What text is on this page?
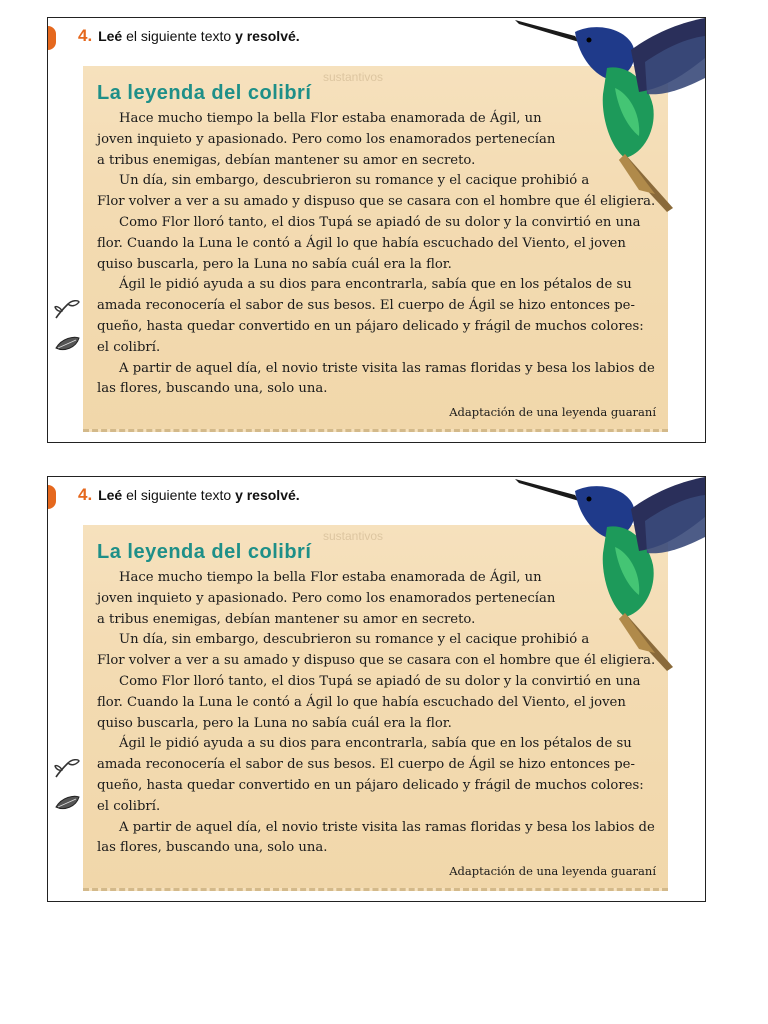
4. Leé el siguiente texto y resolvé.
sustantivos
La leyenda del colibrí
Hace mucho tiempo la bella Flor estaba enamorada de Ágil, un
joven inquieto y apasionado. Pero como los enamorados pertenecían
a tribus enemigas, debían mantener su amor en secreto.
Un día, sin embargo, descubrieron su romance y el cacique prohibió a
Flor volver a ver a su amado y dispuso que se casara con el hombre que él eligiera.
Como Flor lloró tanto, el dios Tupá se apiadó de su dolor y la convirtió en una
flor. Cuando la Luna le contó a Ágil lo que había escuchado del Viento, el joven
quiso buscarla, pero la Luna no sabía cuál era la flor.
Ágil le pidió ayuda a su dios para encontrarla, sabía que en los pétalos de su
amada reconocería el sabor de sus besos. El cuerpo de Ágil se hizo entonces pe-
queño, hasta quedar convertido en un pájaro delicado y frágil de muchos colores:
el colibrí.
A partir de aquel día, el novio triste visita las ramas floridas y besa los labios de
las flores, buscando una, solo una.
Adaptación de una leyenda guaraní
4. Leé el siguiente texto y resolvé.
sustantivos
La leyenda del colibrí
Hace mucho tiempo la bella Flor estaba enamorada de Ágil, un
joven inquieto y apasionado. Pero como los enamorados pertenecían
a tribus enemigas, debían mantener su amor en secreto.
Un día, sin embargo, descubrieron su romance y el cacique prohibió a
Flor volver a ver a su amado y dispuso que se casara con el hombre que él eligiera.
Como Flor lloró tanto, el dios Tupá se apiadó de su dolor y la convirtió en una
flor. Cuando la Luna le contó a Ágil lo que había escuchado del Viento, el joven
quiso buscarla, pero la Luna no sabía cuál era la flor.
Ágil le pidió ayuda a su dios para encontrarla, sabía que en los pétalos de su
amada reconocería el sabor de sus besos. El cuerpo de Ágil se hizo entonces pe-
queño, hasta quedar convertido en un pájaro delicado y frágil de muchos colores:
el colibrí.
A partir de aquel día, el novio triste visita las ramas floridas y besa los labios de
las flores, buscando una, solo una.
Adaptación de una leyenda guaraní
